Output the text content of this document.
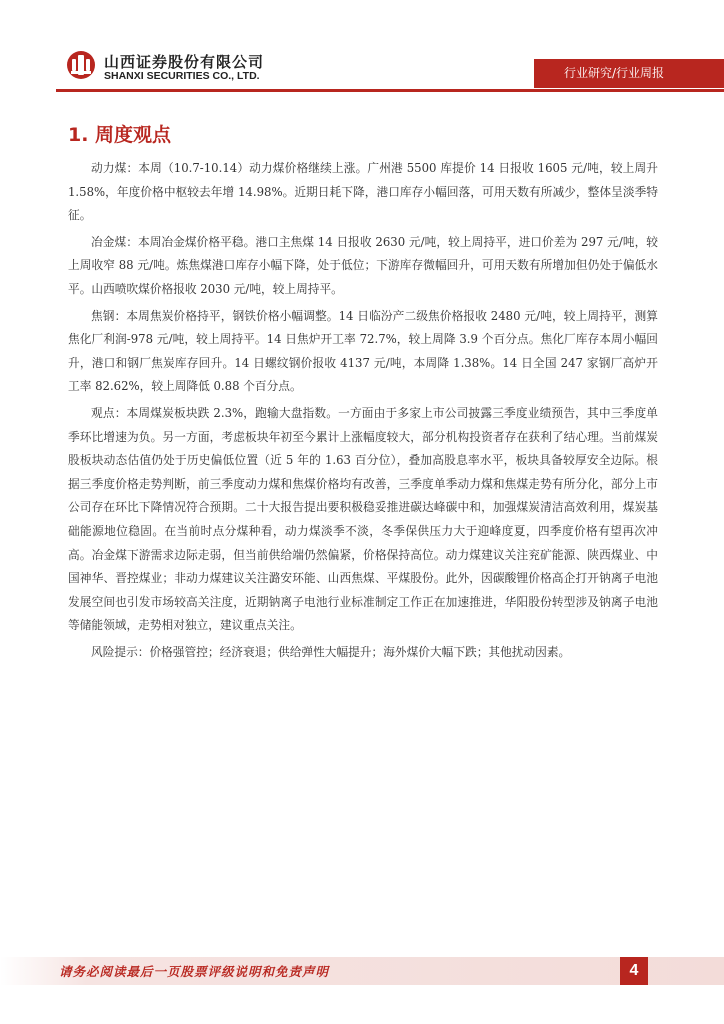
山西证券股份有限公司
SHANXI SECURITIES CO., LTD.	行业研究/行业周报
1. 周度观点

动力煤：本周（10.7-10.14）动力煤价格继续上涨。广州港 5500 库提价 14 日报收 1605 元/吨，较上周升 1.58%，年度价格中枢较去年增 14.98%。近期日耗下降，港口库存小幅回落，可用天数有所减少，整体呈淡季特征。

冶金煤：本周冶金煤价格平稳。港口主焦煤 14 日报收 2630 元/吨，较上周持平，进口价差为 297 元/吨，较上周收窄 88 元/吨。炼焦煤港口库存小幅下降，处于低位；下游库存微幅回升，可用天数有所增加但仍处于偏低水平。山西喷吹煤价格报收 2030 元/吨，较上周持平。

焦钢：本周焦炭价格持平，钢铁价格小幅调整。14 日临汾产二级焦价格报收 2480 元/吨，较上周持平，测算焦化厂利润-978 元/吨，较上周持平。14 日焦炉开工率 72.7%，较上周降 3.9 个百分点。焦化厂库存本周小幅回升，港口和钢厂焦炭库存回升。14 日螺纹钢价报收 4137 元/吨，本周降 1.38%。14 日全国 247 家钢厂高炉开工率 82.62%，较上周降低 0.88 个百分点。

观点：本周煤炭板块跌 2.3%，跑输大盘指数。一方面由于多家上市公司披露三季度业绩预告，其中三季度单季环比增速为负。另一方面，考虑板块年初至今累计上涨幅度较大，部分机构投资者存在获利了结心理。当前煤炭股板块动态估值仍处于历史偏低位置（近 5 年的 1.63 百分位），叠加高股息率水平，板块具备较厚安全边际。根据三季度价格走势判断，前三季度动力煤和焦煤价格均有改善，三季度单季动力煤和焦煤走势有所分化，部分上市公司存在环比下降情况符合预期。二十大报告提出要积极稳妥推进碳达峰碳中和，加强煤炭清洁高效利用，煤炭基础能源地位稳固。在当前时点分煤种看，动力煤淡季不淡，冬季保供压力大于迎峰度夏，四季度价格有望再次冲高。冶金煤下游需求边际走弱，但当前供给端仍然偏紧，价格保持高位。动力煤建议关注兖矿能源、陕西煤业、中国神华、晋控煤业；非动力煤建议关注潞安环能、山西焦煤、平煤股份。此外，因碳酸锂价格高企打开钠离子电池发展空间也引发市场较高关注度，近期钠离子电池行业标准制定工作正在加速推进，华阳股份转型涉及钠离子电池等储能领域，走势相对独立，建议重点关注。

风险提示：价格强管控；经济衰退；供给弹性大幅提升；海外煤价大幅下跌；其他扰动因素。

请务必阅读最后一页股票评级说明和免责声明	4
